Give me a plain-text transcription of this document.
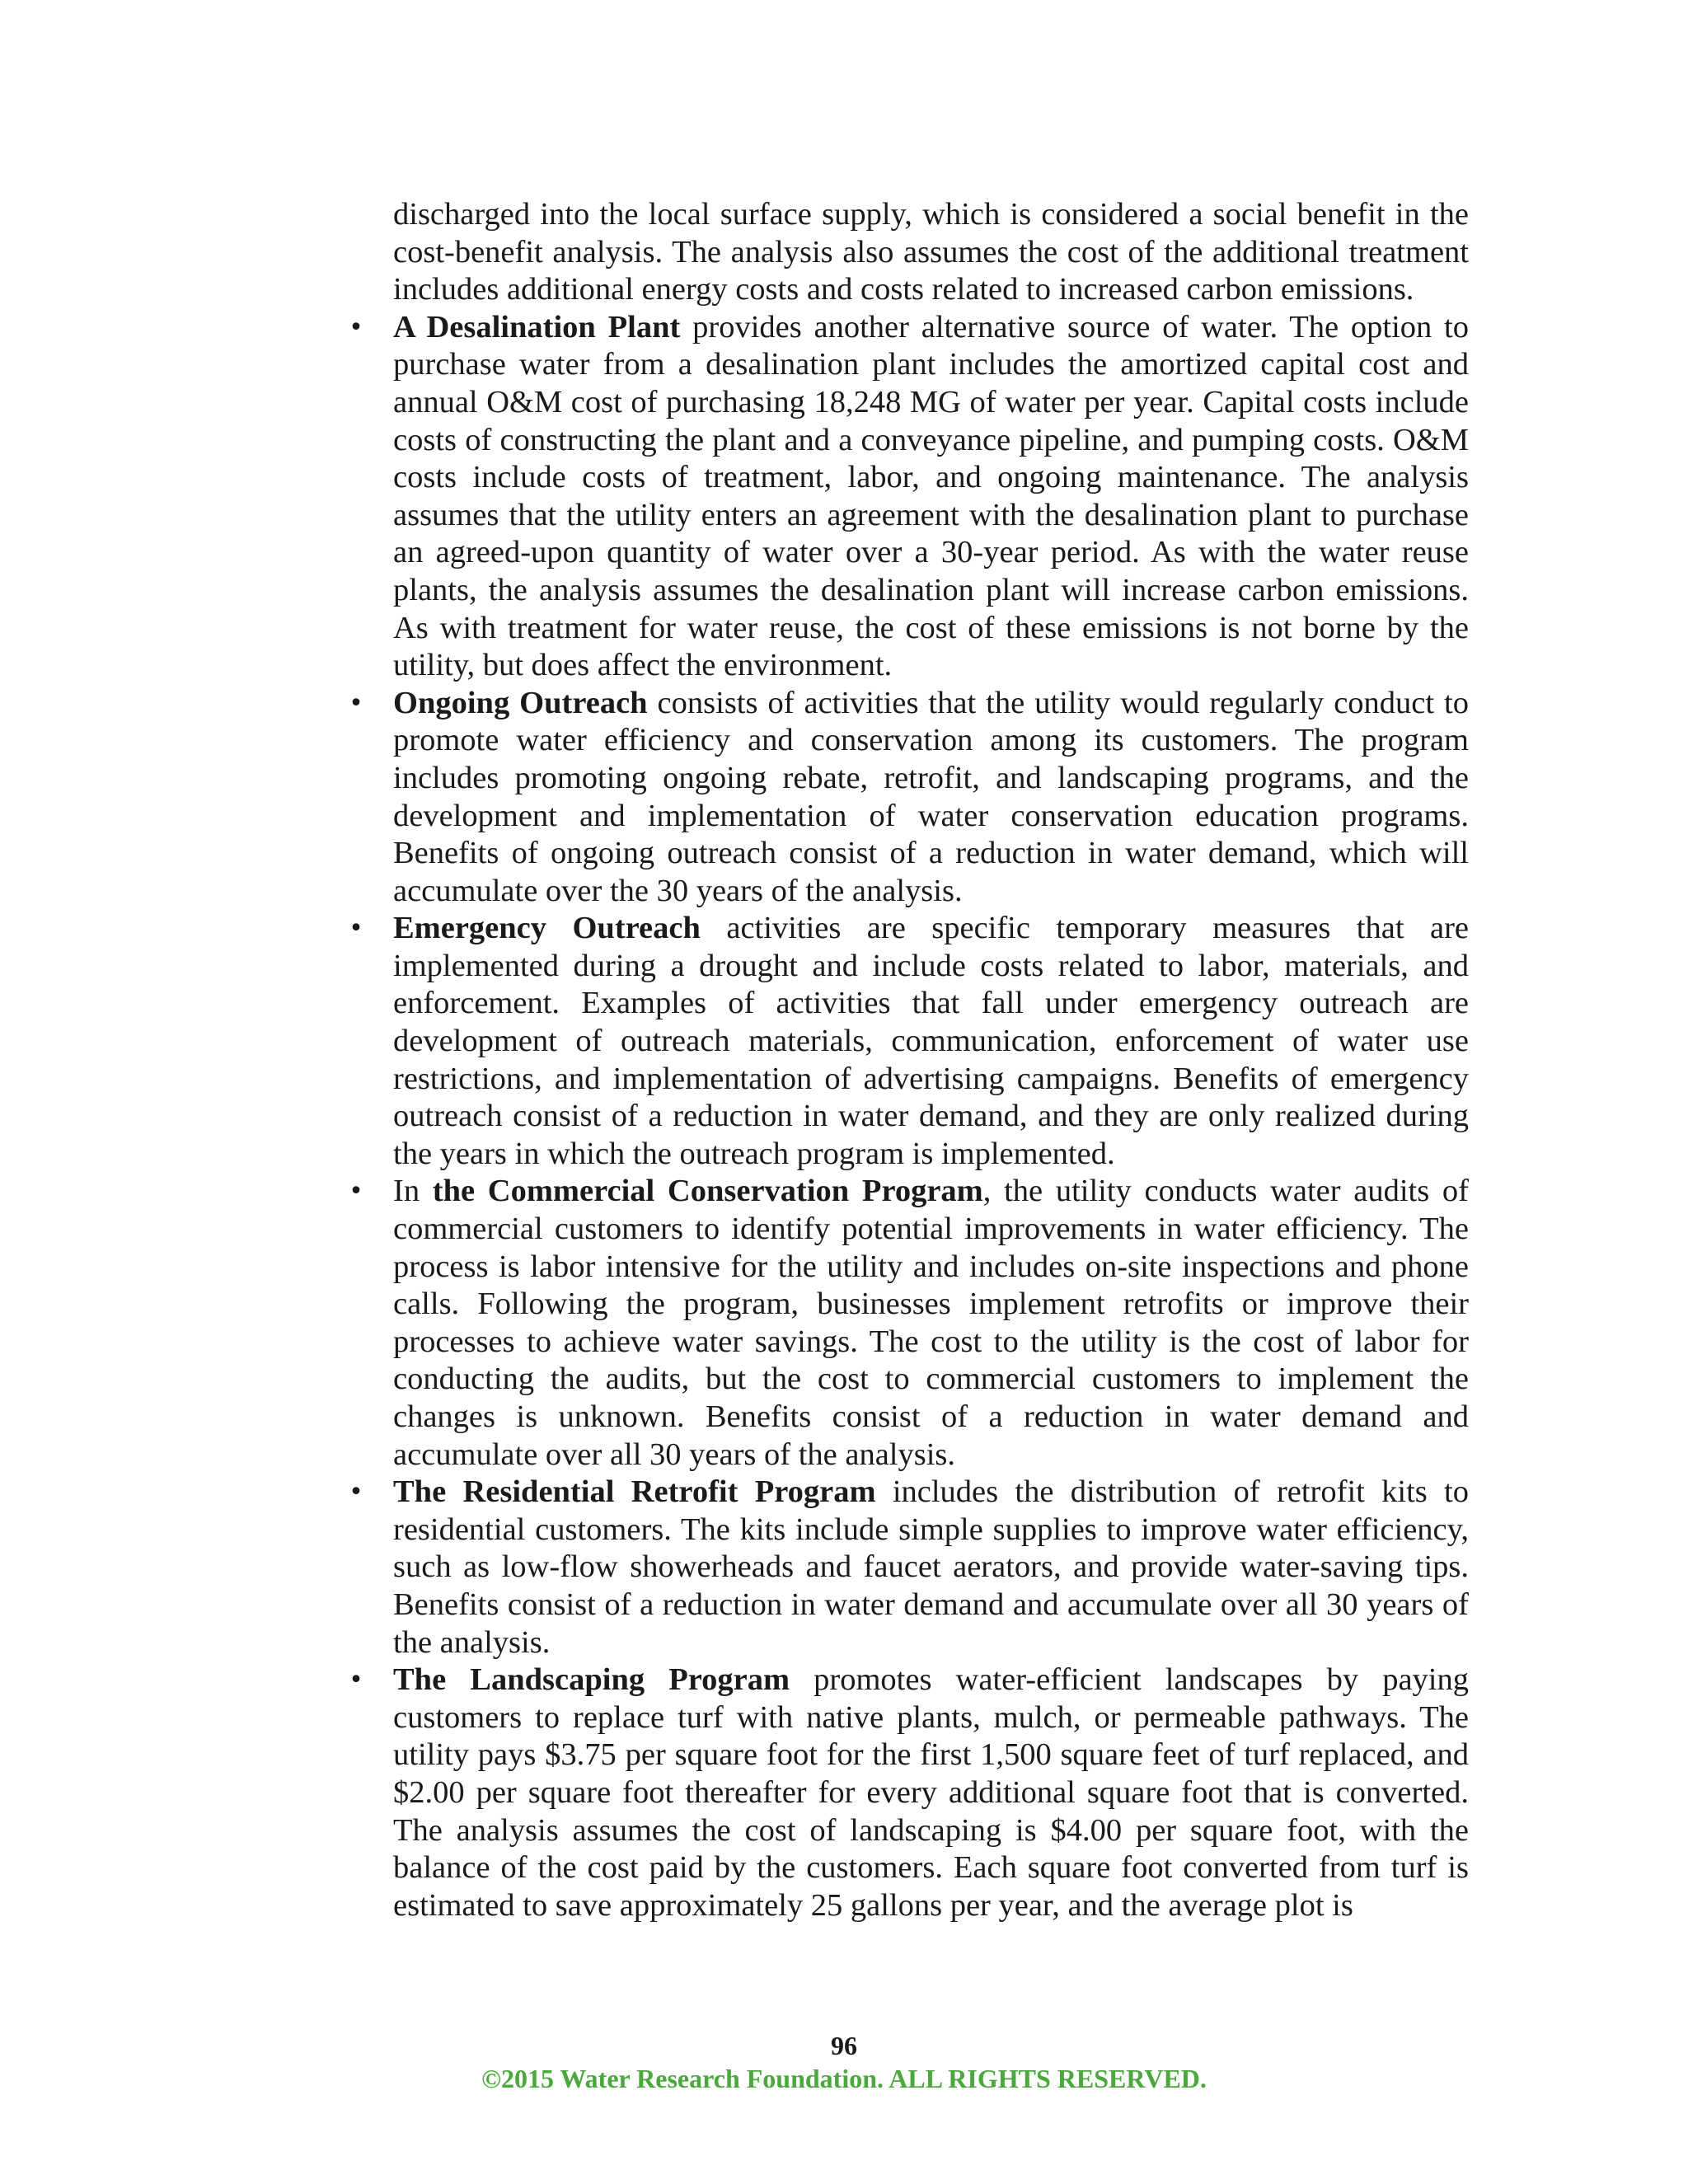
discharged into the local surface supply, which is considered a social benefit in the cost-benefit analysis. The analysis also assumes the cost of the additional treatment includes additional energy costs and costs related to increased carbon emissions.

• A Desalination Plant provides another alternative source of water. The option to purchase water from a desalination plant includes the amortized capital cost and annual O&M cost of purchasing 18,248 MG of water per year. Capital costs include costs of constructing the plant and a conveyance pipeline, and pumping costs. O&M costs include costs of treatment, labor, and ongoing maintenance. The analysis assumes that the utility enters an agreement with the desalination plant to purchase an agreed-upon quantity of water over a 30-year period. As with the water reuse plants, the analysis assumes the desalination plant will increase carbon emissions. As with treatment for water reuse, the cost of these emissions is not borne by the utility, but does affect the environment.
• Ongoing Outreach consists of activities that the utility would regularly conduct to promote water efficiency and conservation among its customers. The program includes promoting ongoing rebate, retrofit, and landscaping programs, and the development and implementation of water conservation education programs. Benefits of ongoing outreach consist of a reduction in water demand, which will accumulate over the 30 years of the analysis.
• Emergency Outreach activities are specific temporary measures that are implemented during a drought and include costs related to labor, materials, and enforcement. Examples of activities that fall under emergency outreach are development of outreach materials, communication, enforcement of water use restrictions, and implementation of advertising campaigns. Benefits of emergency outreach consist of a reduction in water demand, and they are only realized during the years in which the outreach program is implemented.
• In the Commercial Conservation Program, the utility conducts water audits of commercial customers to identify potential improvements in water efficiency. The process is labor intensive for the utility and includes on-site inspections and phone calls. Following the program, businesses implement retrofits or improve their processes to achieve water savings. The cost to the utility is the cost of labor for conducting the audits, but the cost to commercial customers to implement the changes is unknown. Benefits consist of a reduction in water demand and accumulate over all 30 years of the analysis.
• The Residential Retrofit Program includes the distribution of retrofit kits to residential customers. The kits include simple supplies to improve water efficiency, such as low-flow showerheads and faucet aerators, and provide water-saving tips. Benefits consist of a reduction in water demand and accumulate over all 30 years of the analysis.
• The Landscaping Program promotes water-efficient landscapes by paying customers to replace turf with native plants, mulch, or permeable pathways. The utility pays $3.75 per square foot for the first 1,500 square feet of turf replaced, and $2.00 per square foot thereafter for every additional square foot that is converted. The analysis assumes the cost of landscaping is $4.00 per square foot, with the balance of the cost paid by the customers. Each square foot converted from turf is estimated to save approximately 25 gallons per year, and the average plot is
96
©2015 Water Research Foundation. ALL RIGHTS RESERVED.
